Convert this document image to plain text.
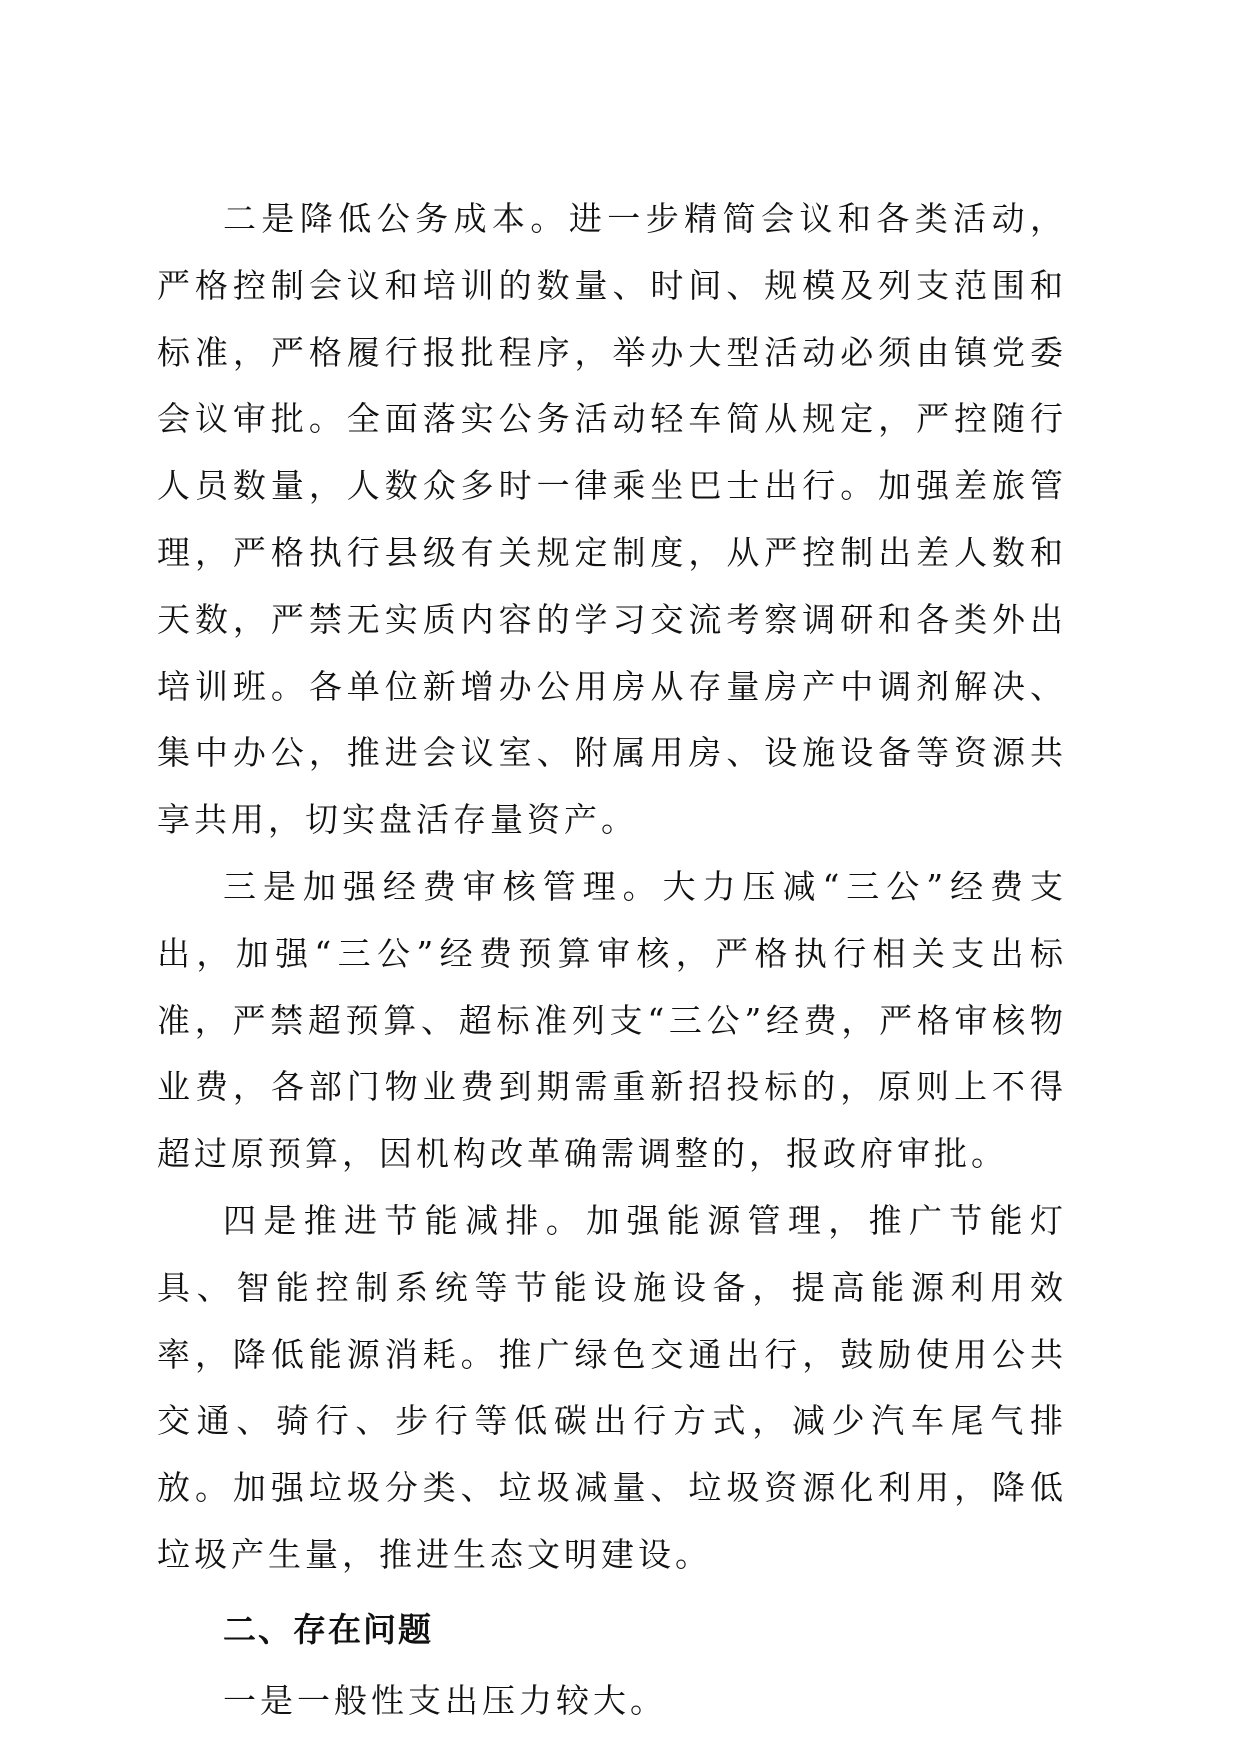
二是降低公务成本。进一步精简会议和各类活动，严格控制会议和培训的数量、时间、规模及列支范围和标准，严格履行报批程序，举办大型活动必须由镇党委会议审批。全面落实公务活动轻车简从规定，严控随行人员数量，人数众多时一律乘坐巴士出行。加强差旅管理，严格执行县级有关规定制度，从严控制出差人数和天数，严禁无实质内容的学习交流考察调研和各类外出培训班。各单位新增办公用房从存量房产中调剂解决、集中办公，推进会议室、附属用房、设施设备等资源共享共用，切实盘活存量资产。

三是加强经费审核管理。大力压减“三公”经费支出，加强“三公”经费预算审核，严格执行相关支出标准，严禁超预算、超标准列支“三公”经费，严格审核物业费，各部门物业费到期需重新招投标的，原则上不得超过原预算，因机构改革确需调整的，报政府审批。

四是推进节能减排。加强能源管理，推广节能灯具、智能控制系统等节能设施设备，提高能源利用效率，降低能源消耗。推广绿色交通出行，鼓励使用公共交通、骑行、步行等低碳出行方式，减少汽车尾气排放。加强垃圾分类、垃圾减量、垃圾资源化利用，降低垃圾产生量，推进生态文明建设。

二、存在问题

一是一般性支出压力较大。
